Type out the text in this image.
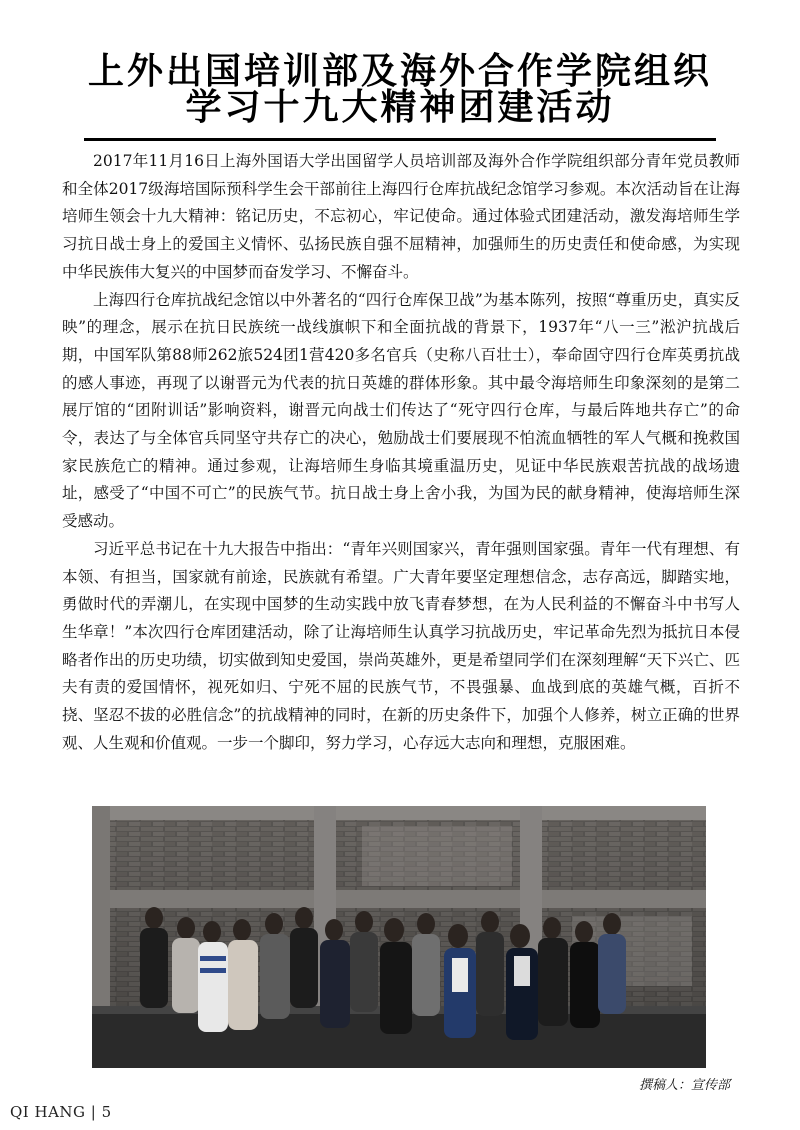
上外出国培训部及海外合作学院组织
学习十九大精神团建活动

2017年11月16日上海外国语大学出国留学人员培训部及海外合作学院组织部分青年党员教师和全体2017级海培国际预科学生会干部前往上海四行仓库抗战纪念馆学习参观。本次活动旨在让海培师生领会十九大精神：铭记历史，不忘初心，牢记使命。通过体验式团建活动，激发海培师生学习抗日战士身上的爱国主义情怀、弘扬民族自强不屈精神，加强师生的历史责任和使命感，为实现中华民族伟大复兴的中国梦而奋发学习、不懈奋斗。

上海四行仓库抗战纪念馆以中外著名的“四行仓库保卫战”为基本陈列，按照“尊重历史，真实反映”的理念，展示在抗日民族统一战线旗帜下和全面抗战的背景下，1937年“八一三”淞沪抗战后期，中国军队第88师262旅524团1营420多名官兵（史称八百壮士），奉命固守四行仓库英勇抗战的感人事迹，再现了以谢晋元为代表的抗日英雄的群体形象。其中最令海培师生印象深刻的是第二展厅馆的“团附训话”影响资料，谢晋元向战士们传达了“死守四行仓库，与最后阵地共存亡”的命令，表达了与全体官兵同坚守共存亡的决心，勉励战士们要展现不怕流血牺牲的军人气概和挽救国家民族危亡的精神。通过参观，让海培师生身临其境重温历史，见证中华民族艰苦抗战的战场遗址，感受了“中国不可亡”的民族气节。抗日战士身上舍小我，为国为民的献身精神，使海培师生深受感动。

习近平总书记在十九大报告中指出：“青年兴则国家兴，青年强则国家强。青年一代有理想、有本领、有担当，国家就有前途，民族就有希望。广大青年要坚定理想信念，志存高远，脚踏实地，勇做时代的弄潮儿，在实现中国梦的生动实践中放飞青春梦想，在为人民利益的不懈奋斗中书写人生华章！”本次四行仓库团建活动，除了让海培师生认真学习抗战历史，牢记革命先烈为抵抗日本侵略者作出的历史功绩，切实做到知史爱国，崇尚英雄外，更是希望同学们在深刻理解“天下兴亡、匹夫有责的爱国情怀，视死如归、宁死不屈的民族气节，不畏强暴、血战到底的英雄气概，百折不挠、坚忍不拔的必胜信念”的抗战精神的同时，在新的历史条件下，加强个人修养，树立正确的世界观、人生观和价值观。一步一个脚印，努力学习，心存远大志向和理想，克服困难。

撰稿人：宣传部
QI HANG | 5
